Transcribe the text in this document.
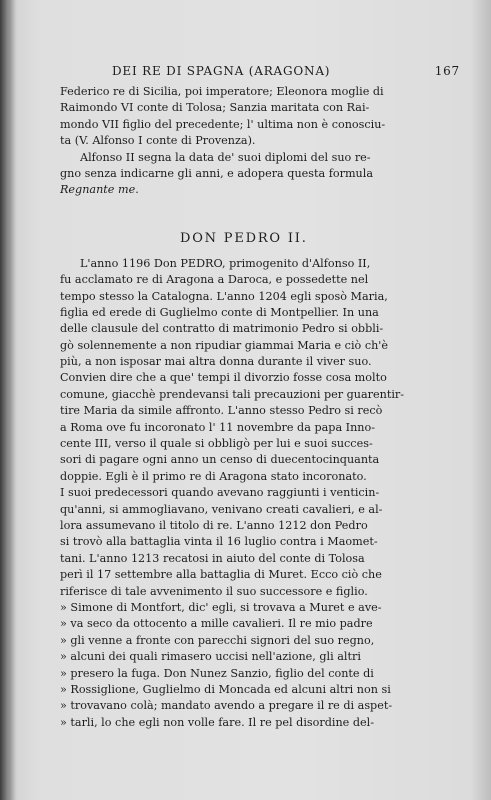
DEI RE DI SPAGNA (ARAGONA)	167
Federico re di Sicilia, poi imperatore; Eleonora moglie di
Raimondo VI conte di Tolosa; Sanzia maritata con Rai-
mondo VII figlio del precedente; l' ultima non è conosciu-
ta (V. Alfonso I conte di Provenza).
Alfonso II segna la data de' suoi diplomi del suo re-
gno senza indicarne gli anni, e adopera questa formula
Regnante me.
DON PEDRO II.
L'anno 1196 Don PEDRO, primogenito d'Alfonso II,
fu acclamato re di Aragona a Daroca, e possedette nel
tempo stesso la Catalogna. L'anno 1204 egli sposò Maria,
figlia ed erede di Guglielmo conte di Montpellier. In una
delle clausule del contratto di matrimonio Pedro si obbli-
gò solennemente a non ripudiar giammai Maria e ciò ch'è
più, a non isposar mai altra donna durante il viver suo.
Convien dire che a que' tempi il divorzio fosse cosa molto
comune, giacchè prendevansi tali precauzioni per guarentir-
tire Maria da simile affronto. L'anno stesso Pedro si recò
a Roma ove fu incoronato l' 11 novembre da papa Inno-
cente III, verso il quale si obbligò per lui e suoi succes-
sori di pagare ogni anno un censo di duecentocinquanta
doppie. Egli è il primo re di Aragona stato incoronato.
I suoi predecessori quando avevano raggiunti i venticin-
qu'anni, si ammogliavano, venivano creati cavalieri, e al-
lora assumevano il titolo di re. L'anno 1212 don Pedro
si trovò alla battaglia vinta il 16 luglio contra i Maomet-
tani. L'anno 1213 recatosi in aiuto del conte di Tolosa
perì il 17 settembre alla battaglia di Muret. Ecco ciò che
riferisce di tale avvenimento il suo successore e figlio.
» Simone di Montfort, dic' egli, si trovava a Muret e ave-
» va seco da ottocento a mille cavalieri. Il re mio padre
» gli venne a fronte con parecchi signori del suo regno,
» alcuni dei quali rimasero uccisi nell'azione, gli altri
» presero la fuga. Don Nunez Sanzio, figlio del conte di
» Rossiglione, Guglielmo di Moncada ed alcuni altri non si
» trovavano colà; mandato avendo a pregare il re di aspet-
» tarli, lo che egli non volle fare. Il re pel disordine del-
